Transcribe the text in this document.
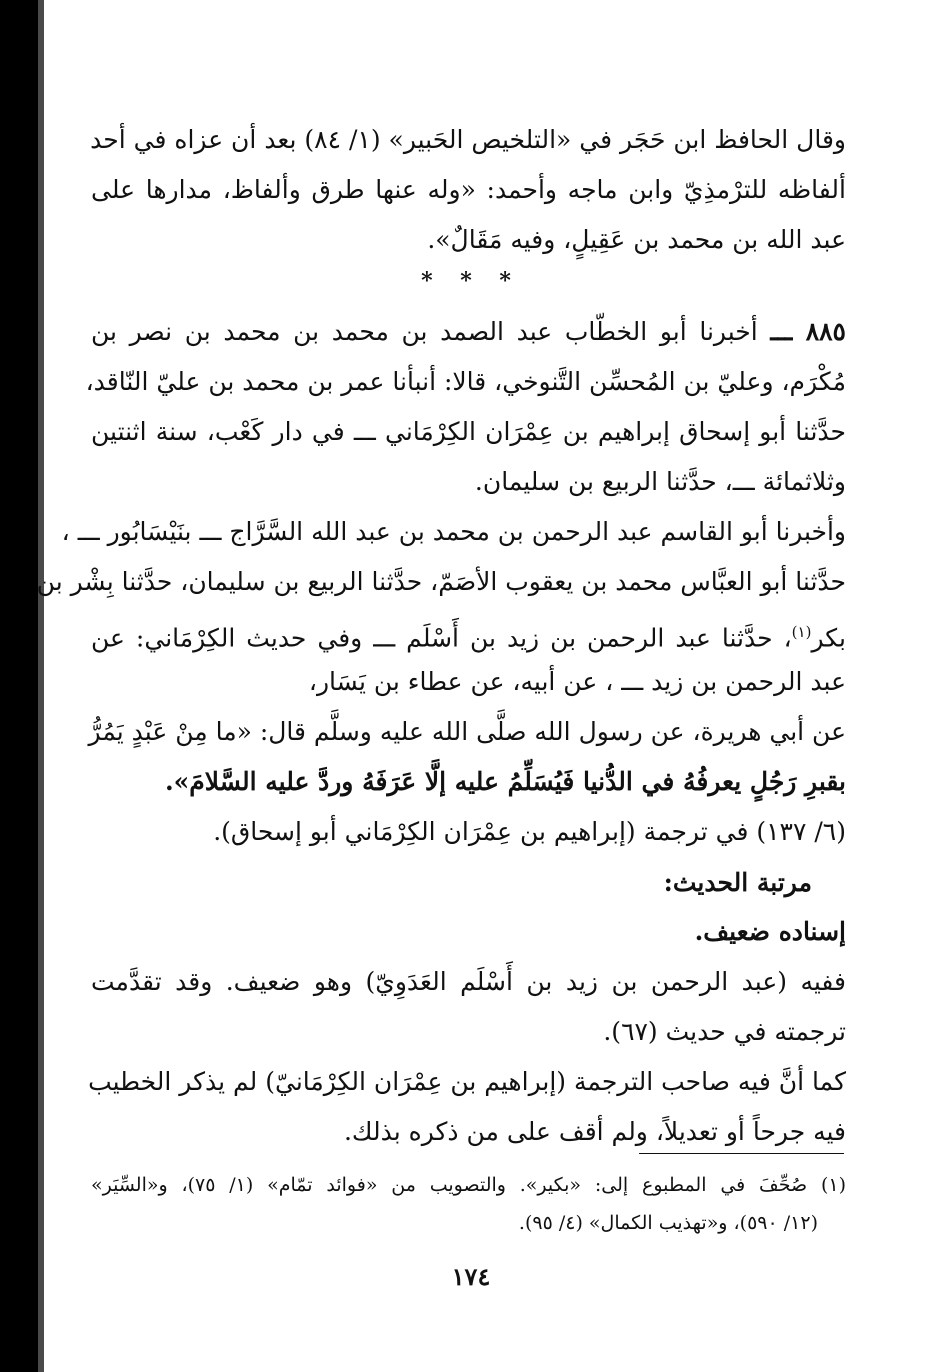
وقال الحافظ ابن حَجَر في «التلخيص الحَبير» (١/ ٨٤) بعد أن عزاه في أحد
ألفاظه للترْمذِيّ وابن ماجه وأحمد: «وله عنها طرق وألفاظ، مدارها على
عبد الله بن محمد بن عَقِيلٍ، وفيه مَقَالٌ».
* * *
٨٨٥ ـــ أخبرنا أبو الخطّاب عبد الصمد بن محمد بن محمد بن نصر بن
مُكْرَم، وعليّ بن المُحسِّن التَّنوخي، قالا: أنبأنا عمر بن محمد بن عليّ النّاقد،
حدَّثنا أبو إسحاق إبراهيم بن عِمْرَان الكِرْمَاني ـــ في دار كَعْب، سنة اثنتين
وثلاثمائة ـــ، حدَّثنا الربيع بن سليمان.
وأخبرنا أبو القاسم عبد الرحمن بن محمد بن عبد الله السَّرَّاج ـــ بنَيْسَابُور ـــ ،
حدَّثنا أبو العبَّاس محمد بن يعقوب الأصَمّ، حدَّثنا الربيع بن سليمان، حدَّثنا بِشْر بن
بكر$^{(١)}$، حدَّثنا عبد الرحمن بن زيد بن أَسْلَم ـــ وفي حديث الكِرْمَاني: عن
عبد الرحمن بن زيد ـــ ، عن أبيه، عن عطاء بن يَسَار،
عن أبي هريرة، عن رسول الله صلَّى الله عليه وسلَّم قال: «ما مِنْ عَبْدٍ يَمُرُّ
بقبرِ رَجُلٍ يعرفُهُ في الدُّنيا فَيُسَلِّمُ عليه إلَّا عَرَفَهُ وردَّ عليه السَّلامَ».
(٦/ ١٣٧) في ترجمة (إبراهيم بن عِمْرَان الكِرْمَاني أبو إسحاق).
مرتبة الحديث:
إسناده ضعيف.
ففيه (عبد الرحمن بن زيد بن أَسْلَم العَدَوِيّ) وهو ضعيف. وقد تقدَّمت
ترجمته في حديث (٦٧).
كما أنَّ فيه صاحب الترجمة (إبراهيم بن عِمْرَان الكِرْمَانيّ) لم يذكر الخطيب
فيه جرحاً أو تعديلاً، ولم أقف على من ذكره بذلك.
(١) صُحِّفَ في المطبوع إلى: «بكير». والتصويب من «فوائد تمّام» (١/ ٧٥)، و«السِّيَر»
(١٢/ ٥٩٠)، و«تهذيب الكمال» (٤/ ٩٥).
١٧٤
